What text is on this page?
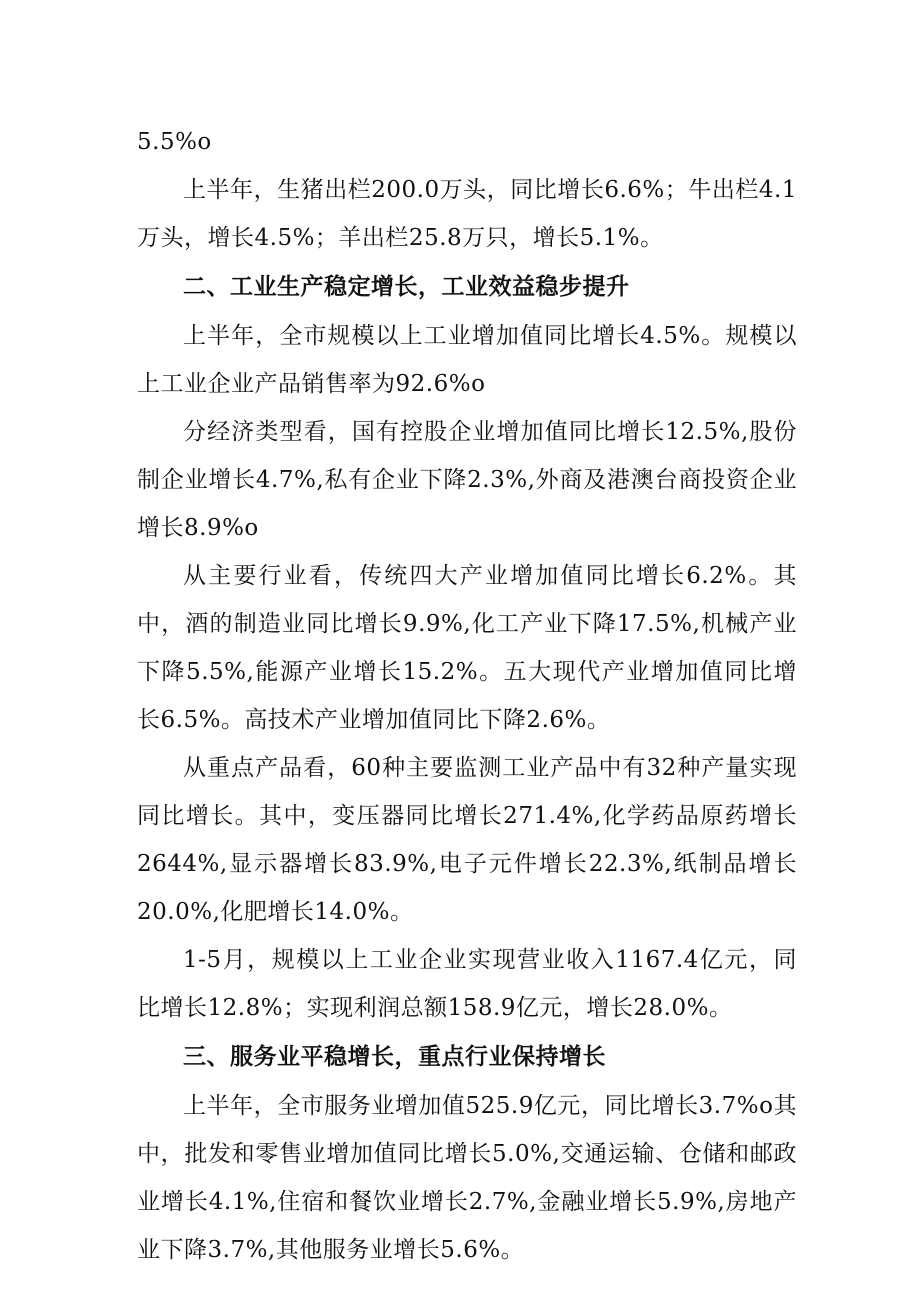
5.5%o

上半年，生猪出栏200.0万头，同比增长6.6%；牛出栏4.1万头，增长4.5%；羊出栏25.8万只，增长5.1%。

二、工业生产稳定增长，工业效益稳步提升

上半年，全市规模以上工业增加值同比增长4.5%。规模以上工业企业产品销售率为92.6%o

分经济类型看，国有控股企业增加值同比增长12.5%,股份制企业增长4.7%,私有企业下降2.3%,外商及港澳台商投资企业增长8.9%o

从主要行业看，传统四大产业增加值同比增长6.2%。其中，酒的制造业同比增长9.9%,化工产业下降17.5%,机械产业下降5.5%,能源产业增长15.2%。五大现代产业增加值同比增长6.5%。高技术产业增加值同比下降2.6%。

从重点产品看，60种主要监测工业产品中有32种产量实现同比增长。其中，变压器同比增长271.4%,化学药品原药增长2644%,显示器增长83.9%,电子元件增长22.3%,纸制品增长20.0%,化肥增长14.0%。

1-5月，规模以上工业企业实现营业收入1167.4亿元，同比增长12.8%；实现利润总额158.9亿元，增长28.0%。

三、服务业平稳增长，重点行业保持增长

上半年，全市服务业增加值525.9亿元，同比增长3.7%o其中，批发和零售业增加值同比增长5.0%,交通运输、仓储和邮政业增长4.1%,住宿和餐饮业增长2.7%,金融业增长5.9%,房地产业下降3.7%,其他服务业增长5.6%。
